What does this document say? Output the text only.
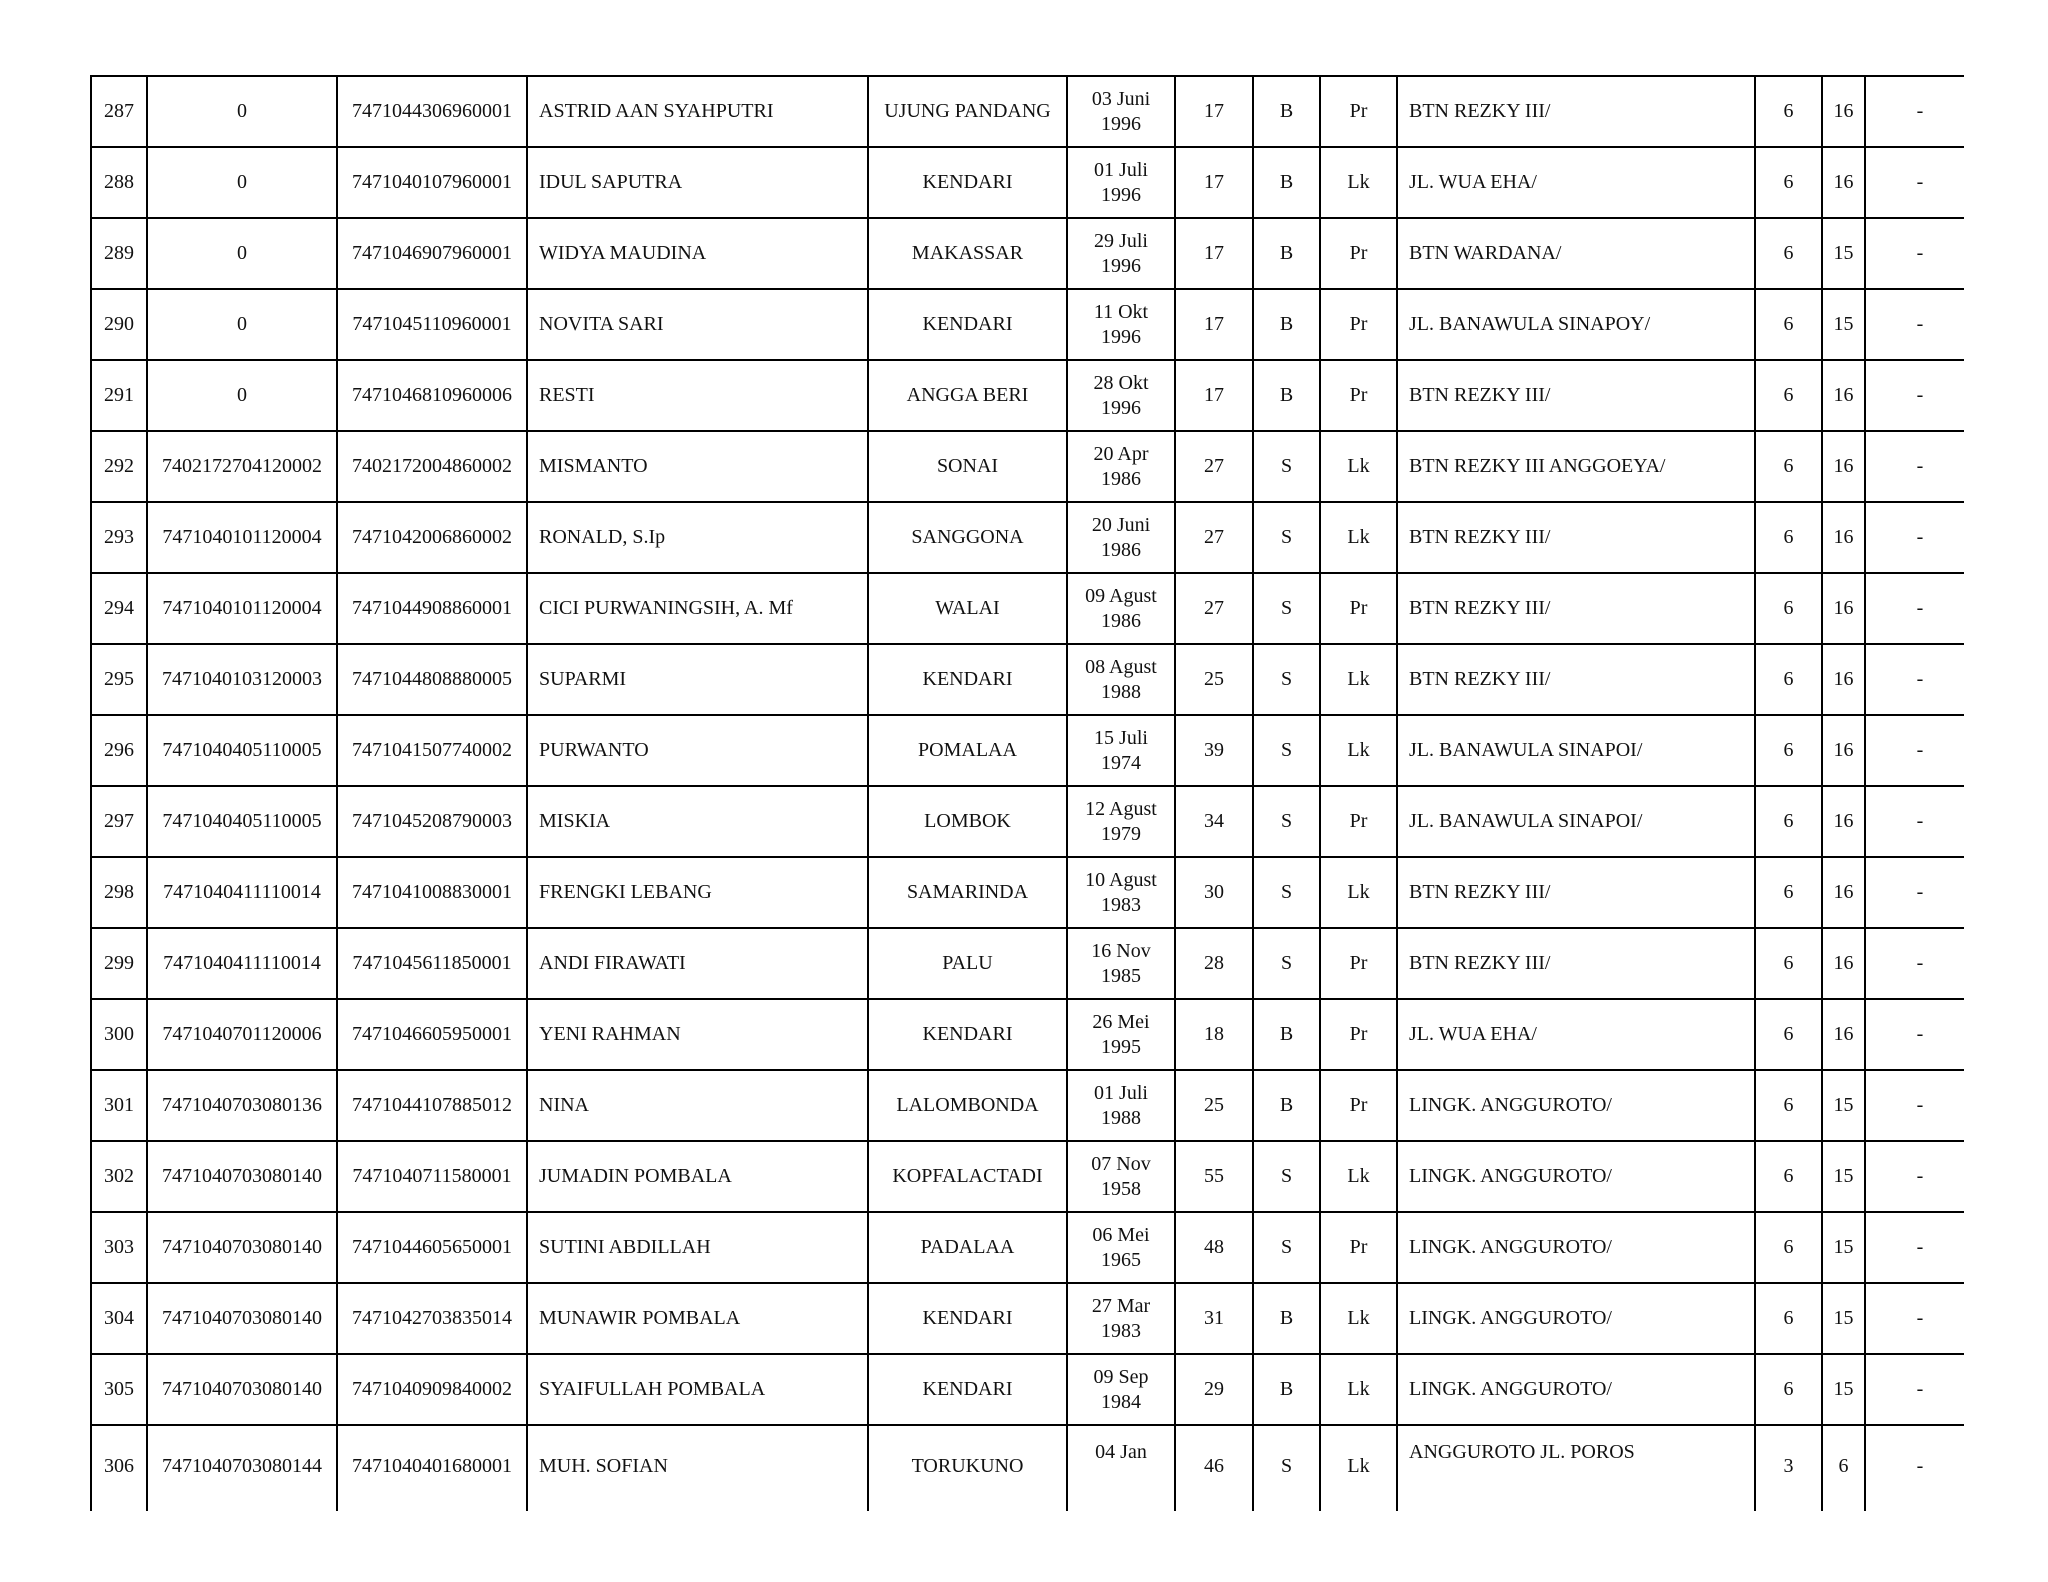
287	0	7471044306960001	ASTRID AAN SYAHPUTRI	UJUNG PANDANG	03 Juni
1996	17	B	Pr	BTN REZKY III/	6	16	-
288	0	7471040107960001	IDUL SAPUTRA	KENDARI	01 Juli
1996	17	B	Lk	JL. WUA EHA/	6	16	-
289	0	7471046907960001	WIDYA MAUDINA	MAKASSAR	29 Juli
1996	17	B	Pr	BTN WARDANA/	6	15	-
290	0	7471045110960001	NOVITA SARI	KENDARI	11 Okt
1996	17	B	Pr	JL. BANAWULA SINAPOY/	6	15	-
291	0	7471046810960006	RESTI	ANGGA BERI	28 Okt
1996	17	B	Pr	BTN REZKY III/	6	16	-
292	7402172704120002	7402172004860002	MISMANTO	SONAI	20 Apr
1986	27	S	Lk	BTN REZKY III ANGGOEYA/	6	16	-
293	7471040101120004	7471042006860002	RONALD, S.Ip	SANGGONA	20 Juni
1986	27	S	Lk	BTN REZKY III/	6	16	-
294	7471040101120004	7471044908860001	CICI PURWANINGSIH, A. Mf	WALAI	09 Agust
1986	27	S	Pr	BTN REZKY III/	6	16	-
295	7471040103120003	7471044808880005	SUPARMI	KENDARI	08 Agust
1988	25	S	Lk	BTN REZKY III/	6	16	-
296	7471040405110005	7471041507740002	PURWANTO	POMALAA	15 Juli
1974	39	S	Lk	JL. BANAWULA SINAPOI/	6	16	-
297	7471040405110005	7471045208790003	MISKIA	LOMBOK	12 Agust
1979	34	S	Pr	JL. BANAWULA SINAPOI/	6	16	-
298	7471040411110014	7471041008830001	FRENGKI LEBANG	SAMARINDA	10 Agust
1983	30	S	Lk	BTN REZKY III/	6	16	-
299	7471040411110014	7471045611850001	ANDI FIRAWATI	PALU	16 Nov
1985	28	S	Pr	BTN REZKY III/	6	16	-
300	7471040701120006	7471046605950001	YENI RAHMAN	KENDARI	26 Mei
1995	18	B	Pr	JL. WUA EHA/	6	16	-
301	7471040703080136	7471044107885012	NINA	LALOMBONDA	01 Juli
1988	25	B	Pr	LINGK. ANGGUROTO/	6	15	-
302	7471040703080140	7471040711580001	JUMADIN POMBALA	KOPFALACTADI	07 Nov
1958	55	S	Lk	LINGK. ANGGUROTO/	6	15	-
303	7471040703080140	7471044605650001	SUTINI ABDILLAH	PADALAA	06 Mei
1965	48	S	Pr	LINGK. ANGGUROTO/	6	15	-
304	7471040703080140	7471042703835014	MUNAWIR POMBALA	KENDARI	27 Mar
1983	31	B	Lk	LINGK. ANGGUROTO/	6	15	-
305	7471040703080140	7471040909840002	SYAIFULLAH POMBALA	KENDARI	09 Sep
1984	29	B	Lk	LINGK. ANGGUROTO/	6	15	-
306	7471040703080144	7471040401680001	MUH. SOFIAN	TORUKUNO	04 Jan	46	S	Lk	ANGGUROTO JL. POROS	3	6	-
